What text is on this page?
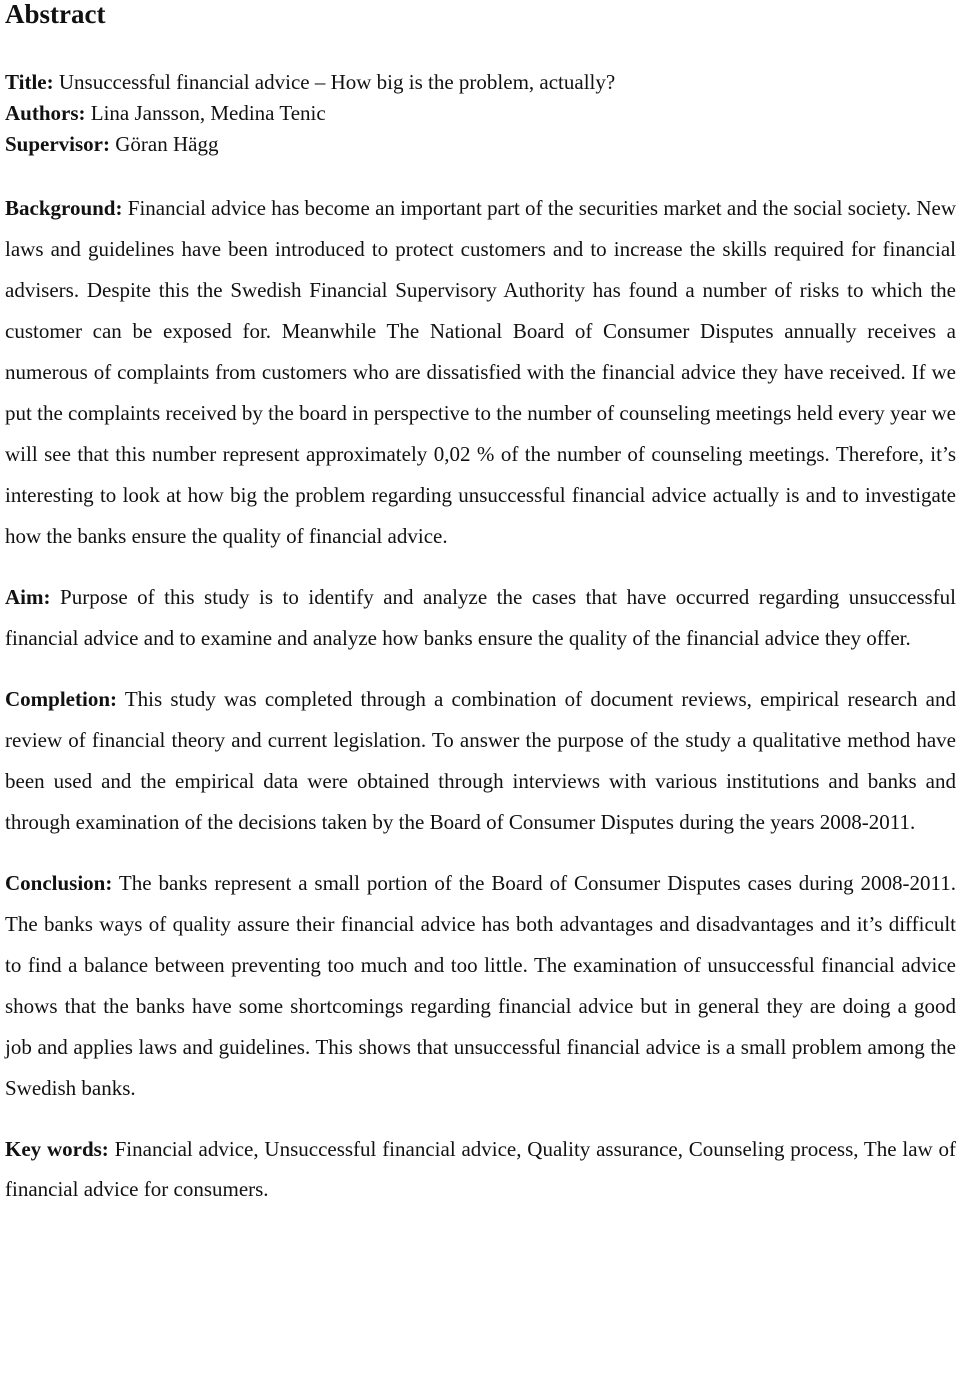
Abstract
Title: Unsuccessful financial advice – How big is the problem, actually?
Authors: Lina Jansson, Medina Tenic
Supervisor: Göran Hägg

Background: Financial advice has become an important part of the securities market and the social society. New laws and guidelines have been introduced to protect customers and to increase the skills required for financial advisers. Despite this the Swedish Financial Supervisory Authority has found a number of risks to which the customer can be exposed for. Meanwhile The National Board of Consumer Disputes annually receives a numerous of complaints from customers who are dissatisfied with the financial advice they have received. If we put the complaints received by the board in perspective to the number of counseling meetings held every year we will see that this number represent approximately 0,02 % of the number of counseling meetings. Therefore, it’s interesting to look at how big the problem regarding unsuccessful financial advice actually is and to investigate how the banks ensure the quality of financial advice.

Aim: Purpose of this study is to identify and analyze the cases that have occurred regarding unsuccessful financial advice and to examine and analyze how banks ensure the quality of the financial advice they offer.

Completion: This study was completed through a combination of document reviews, empirical research and review of financial theory and current legislation. To answer the purpose of the study a qualitative method have been used and the empirical data were obtained through interviews with various institutions and banks and through examination of the decisions taken by the Board of Consumer Disputes during the years 2008-2011.

Conclusion: The banks represent a small portion of the Board of Consumer Disputes cases during 2008-2011. The banks ways of quality assure their financial advice has both advantages and disadvantages and it’s difficult to find a balance between preventing too much and too little. The examination of unsuccessful financial advice shows that the banks have some shortcomings regarding financial advice but in general they are doing a good job and applies laws and guidelines. This shows that unsuccessful financial advice is a small problem among the Swedish banks.

Key words: Financial advice, Unsuccessful financial advice, Quality assurance, Counseling process, The law of financial advice for consumers.
